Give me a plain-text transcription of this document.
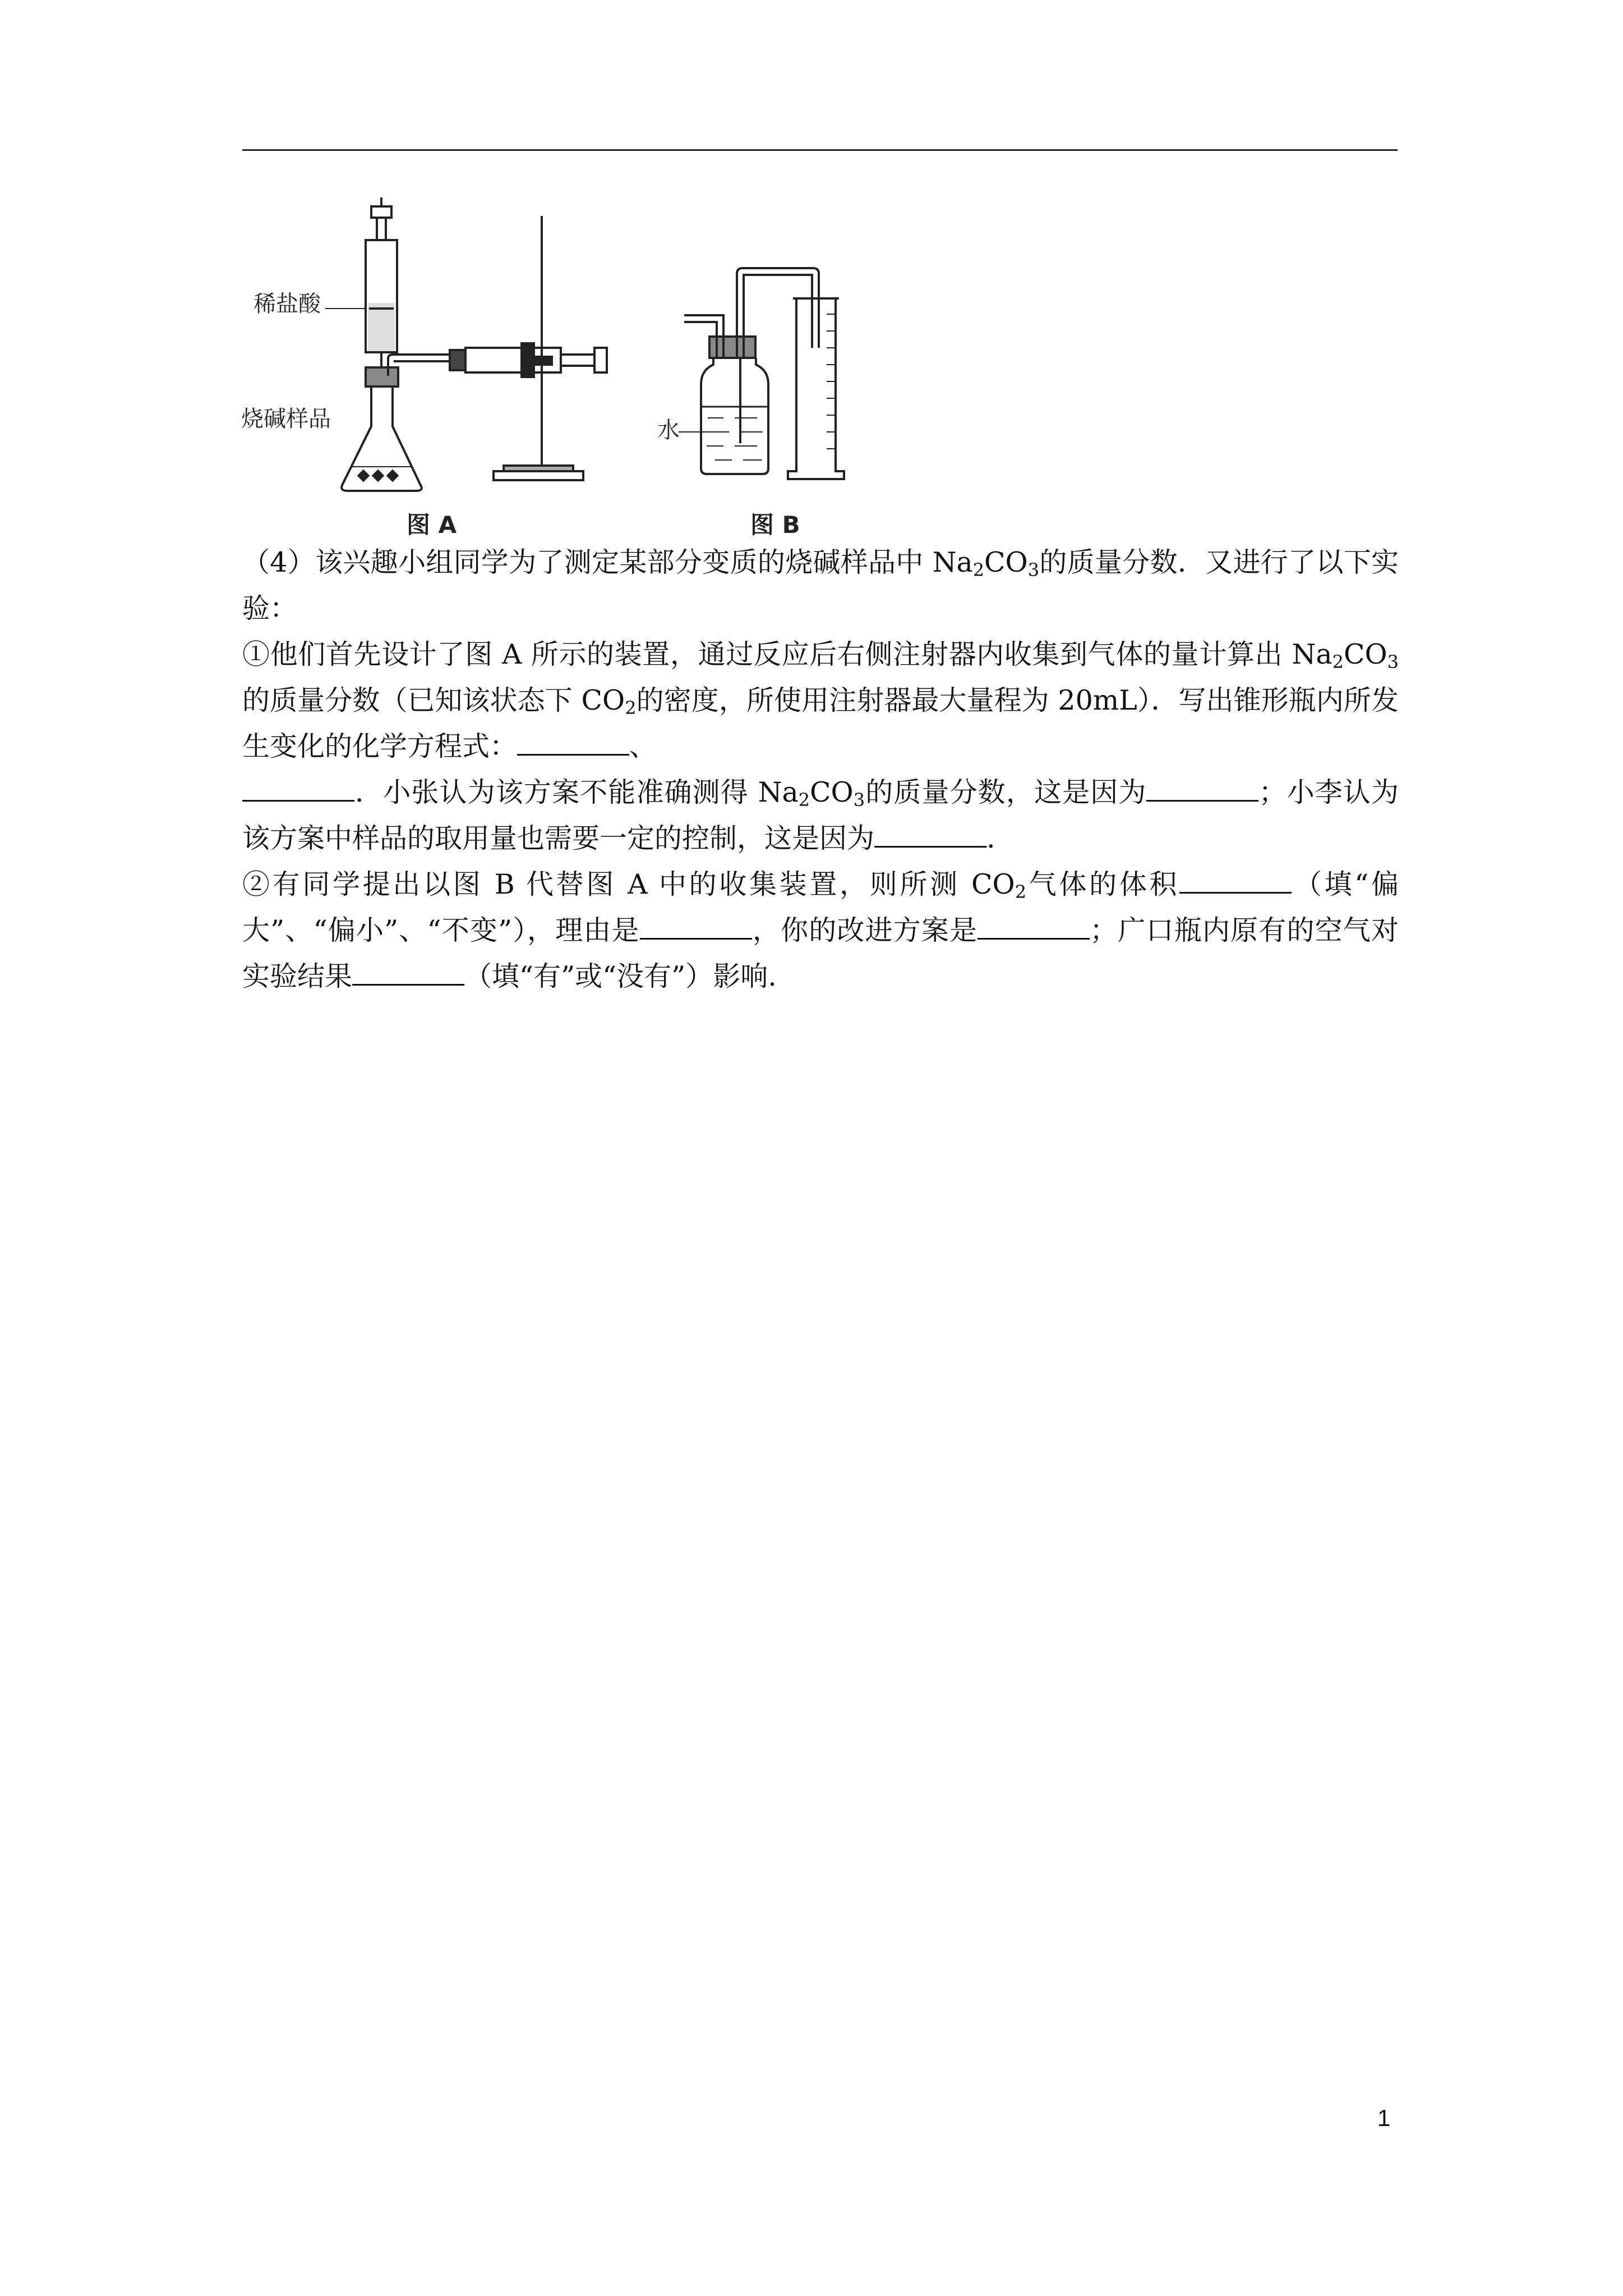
稀盐酸
烧碱样品
图 A
水
图 B

（4）该兴趣小组同学为了测定某部分变质的烧碱样品中 $Na_2CO_3$的质量分数．又进行了以下实验：

①他们首先设计了图 A 所示的装置，通过反应后右侧注射器内收集到气体的量计算出 $Na_2CO_3$的质量分数（已知该状态下 $CO_2$的密度，所使用注射器最大量程为 20mL）．写出锥形瓶内所发生变化的化学方程式：	、
．小张认为该方案不能准确测得 $Na_2CO_3$的质量分数，这是因为	；小李认为该方案中样品的取用量也需要一定的控制，这是因为	.

②有同学提出以图 B 代替图 A 中的收集装置，则所测 $CO_2$气体的体积	（填“偏大”、“偏小”、“不变”），理由是	，你的改进方案是	；广口瓶内原有的空气对实验结果	（填“有”或“没有”）影响.

1
